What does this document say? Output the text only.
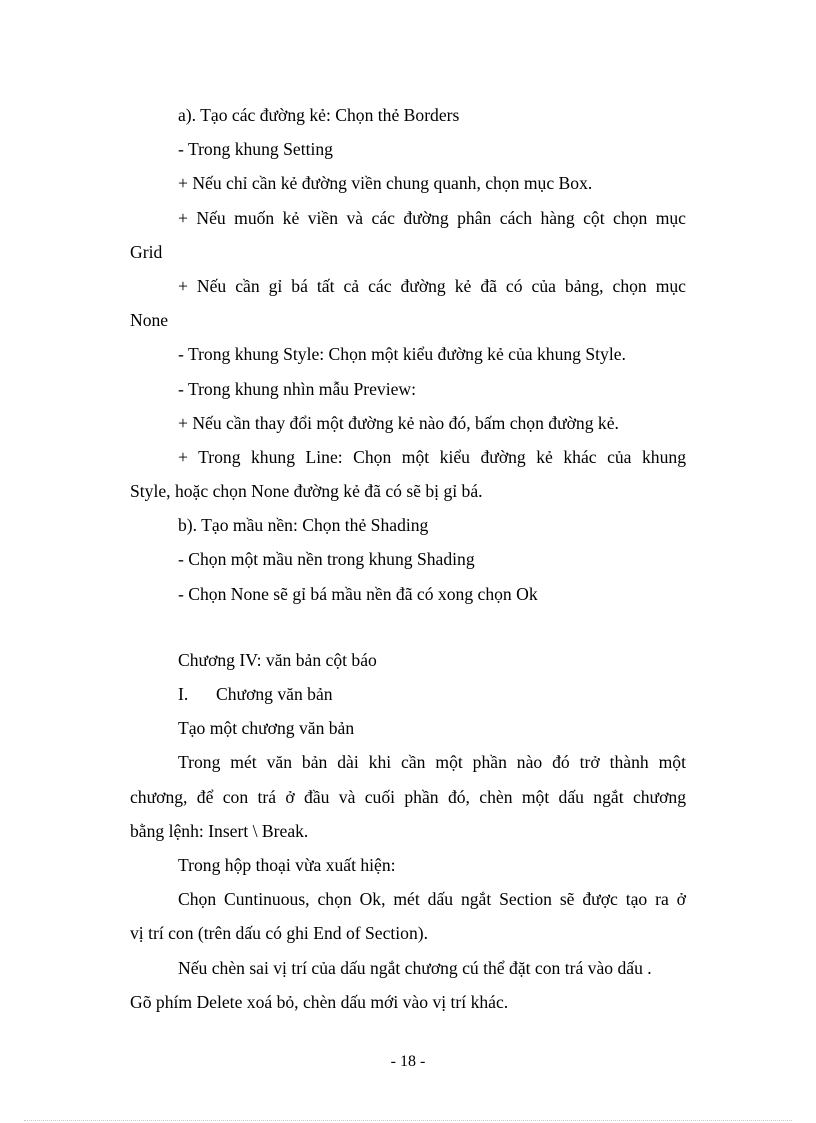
a). Tạo các đường kẻ: Chọn thẻ Borders
- Trong khung Setting
+ Nếu chỉ cần kẻ đường viền chung quanh, chọn mục Box.
+ Nếu muốn kẻ viền và các đường phân cách hàng cột chọn mục
Grid
+ Nếu cần gỉ bá tất cả các đường kẻ đã có của bảng, chọn mục
None
- Trong khung Style: Chọn một kiểu đường kẻ của khung Style.
- Trong khung nhìn mẫu Preview:
+ Nếu cần thay đổi một đường kẻ nào đó, bấm chọn đường kẻ.
+ Trong khung Line: Chọn một kiểu đường kẻ khác của khung
Style, hoặc chọn None đường kẻ đã có sẽ bị gỉ bá.
b). Tạo mầu nền: Chọn thẻ Shading
- Chọn một mầu nền trong khung Shading
- Chọn None sẽ gỉ bá mầu nền đã có xong chọn Ok
Chương IV: văn bản cột báo
I. Chương văn bản
Tạo một chương văn bản
Trong mét văn bản dài khi cần một phần nào đó trở thành một
chương, để con trá ở đầu và cuối phần đó, chèn một dấu ngắt chương
bằng lệnh: Insert \ Break.
Trong hộp thoại vừa xuất hiện:
Chọn Cuntinuous, chọn Ok, mét dấu ngắt Section sẽ được tạo ra ở
vị trí con (trên dấu có ghi End of Section).
Nếu chèn sai vị trí của dấu ngắt chương cú thể đặt con trá vào dấu .
Gõ phím Delete xoá bỏ, chèn dấu mới vào vị trí khác.
- 18 -
